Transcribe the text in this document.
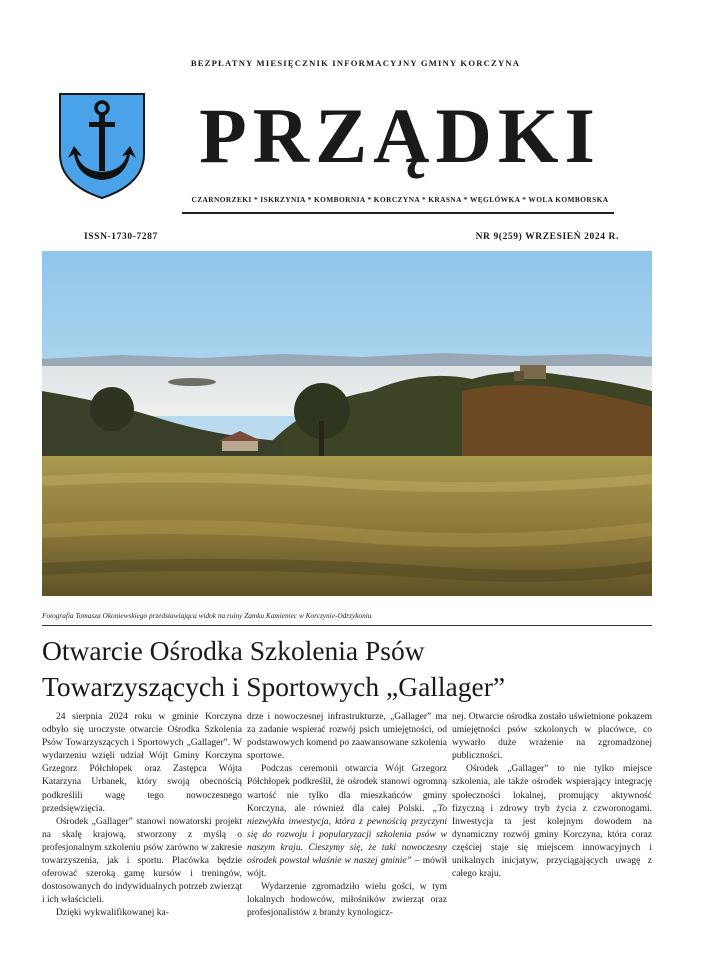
BEZPŁATNY MIESIĘCZNIK INFORMACYJNY GMINY KORCZYNA
PRZĄDKI
CZARNORZEKI * ISKRZYNIA * KOMBORNIA * KORCZYNA * KRASNA * WĘGLÓWKA * WOLA KOMBORSKA
ISSN-1730-7287	NR 9(259) WRZESIEŃ 2024 R.
Fotografia Tomasza Okoniewskiego przedstawiająca widok na ruiny Zamku Kamieniec w Korczynie-Odrzykoniu
Otwarcie Ośrodka Szkolenia Psów
Towarzyszących i Sportowych „Gallager”

24 sierpnia 2024 roku w gminie Korczyna odbyło się uroczyste otwarcie Ośrodka Szkolenia Psów Towarzyszących i Sportowych „Gallager”. W wydarzeniu wzięli udział Wójt Gminy Korczyna Grzegorz Półchłopek oraz Zastępca Wójta Katarzyna Urbanek, który swoją obecnością podkreślili wagę tego nowoczesnego przedsięwzięcia.

Ośrodek „Gallager” stanowi nowatorski projekt na skalę krajową, stworzony z myślą o profesjonalnym szkoleniu psów zarówno w zakresie towarzyszenia, jak i sportu. Placówka będzie oferować szeroką gamę kursów i treningów, dostosowanych do indywidualnych potrzeb zwierząt i ich właścicieli.

Dzięki wykwalifikowanej ka-

drze i nowoczesnej infrastrukturze, „Gallager” ma za zadanie wspierać rozwój psich umiejętności, od podstawowych komend po zaawansowane szkolenia sportowe.

Podczas ceremonii otwarcia Wójt Grzegorz Półchłopek podkreślił, że ośrodek stanowi ogromną wartość nie tylko dla mieszkańców gminy Korczyna, ale również dla całej Polski. „To niezwykła inwestycja, która z pewnością przyczyni się do rozwoju i popularyzacji szkolenia psów w naszym kraju. Cieszymy się, że taki nowoczesny ośrodek powstał właśnie w naszej gminie” – mówił wójt.

Wydarzenie zgromadziło wielu gości, w tym lokalnych hodowców, miłośników zwierząt oraz profesjonalistów z branży kynologicz-

nej. Otwarcie ośrodka zostało uświetnione pokazem umiejętności psów szkolonych w placówce, co wywarło duże wrażenie na zgromadzonej publiczności.

Ośrodek „Gallager” to nie tylko miejsce szkolenia, ale także ośrodek wspierający integrację społeczności lokalnej, promujący aktywność fizyczną i zdrowy tryb życia z czworonogami. Inwestycja ta jest kolejnym dowodem na dynamiczny rozwój gminy Korczyna, która coraz częściej staje się miejscem innowacyjnych i unikalnych inicjatyw, przyciągających uwagę z całego kraju.
